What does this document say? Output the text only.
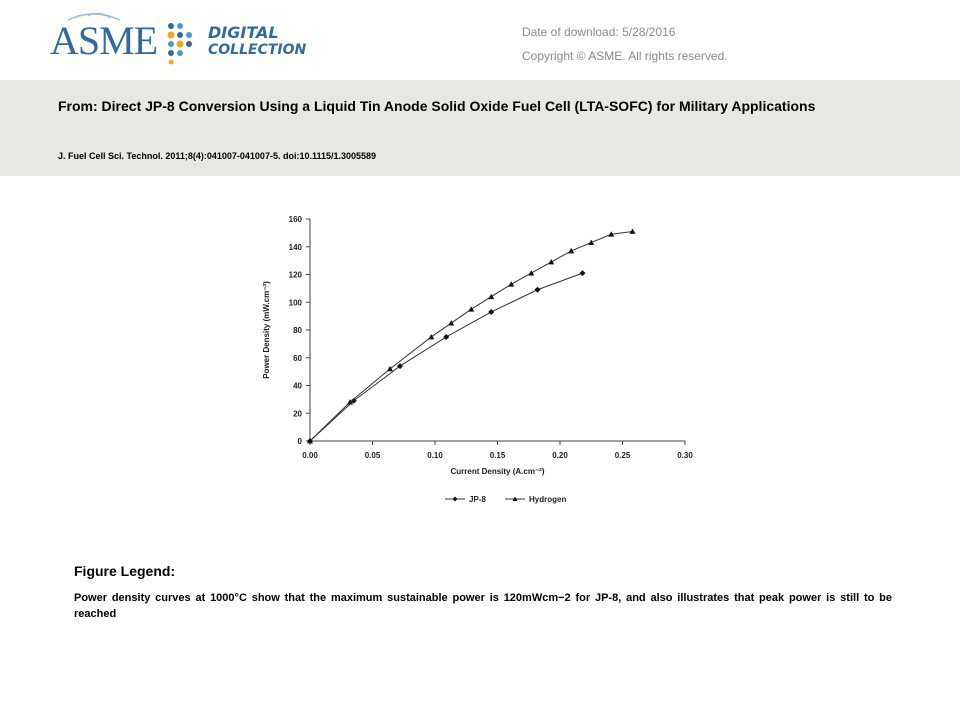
ASME	DIGITAL
COLLECTION
Date of download: 5/28/2016
Copyright © ASME. All rights reserved.
From: Direct JP-8 Conversion Using a Liquid Tin Anode Solid Oxide Fuel Cell (LTA-SOFC) for Military Applications
J. Fuel Cell Sci. Technol. 2011;8(4):041007-041007-5. doi:10.1115/1.3005589
0
20
40
60
80
100
120
140
160
0.00	0.05	0.10	0.15	0.20	0.25	0.30
Current Density (A.cm⁻²)
Power Density (mW.cm⁻²)
JP-8	Hydrogen
Figure Legend:
Power density curves at 1000°C show that the maximum sustainable power is 120mWcm−2 for JP-8, and also illustrates that peak power is still to be reached
